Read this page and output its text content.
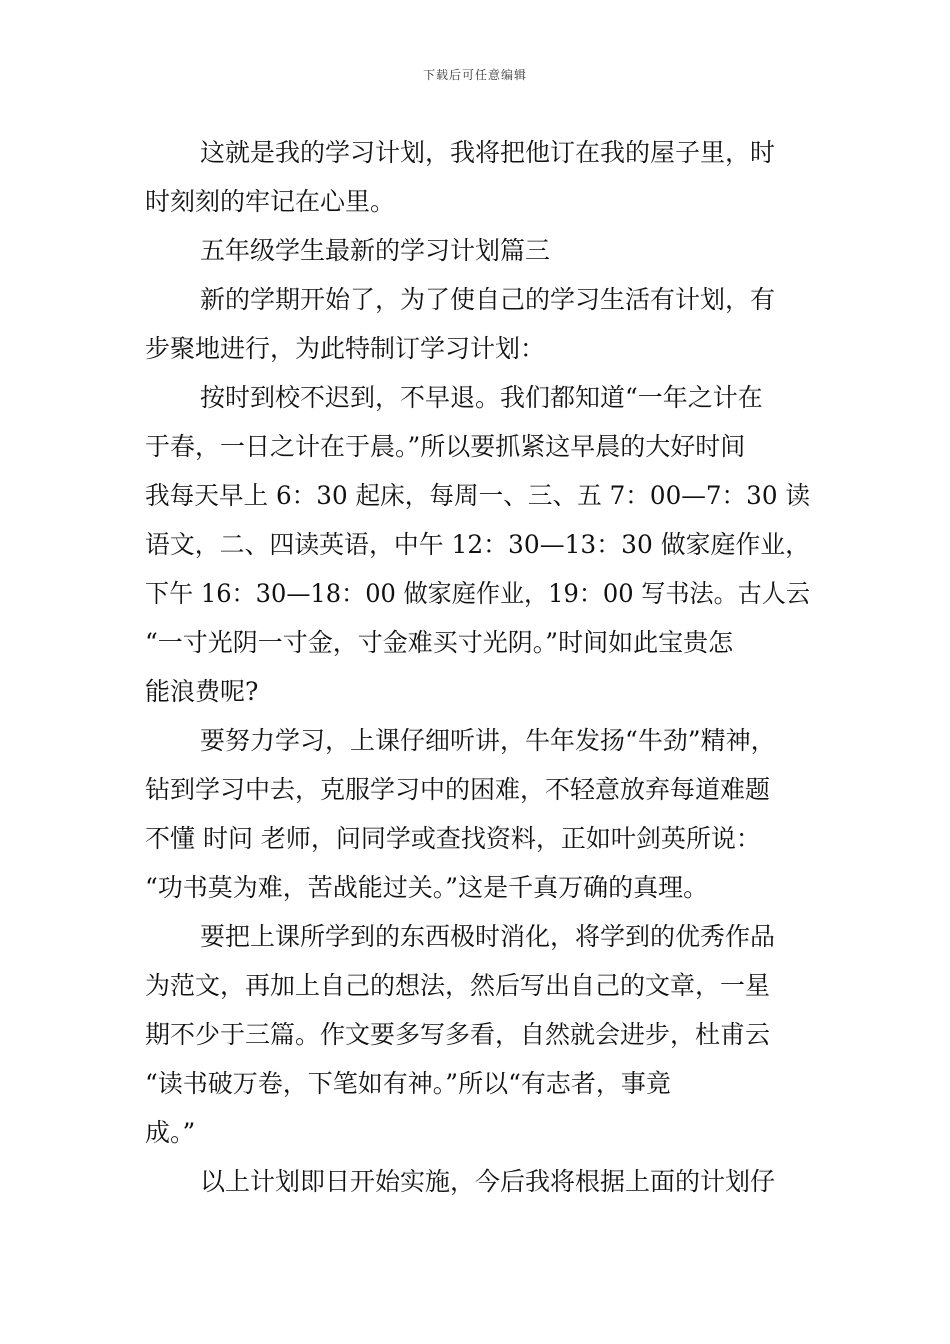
下载后可任意编辑

这就是我的学习计划，我将把他订在我的屋子里，时

时刻刻的牢记在心里。

五年级学生最新的学习计划篇三

新的学期开始了，为了使自己的学习生活有计划，有

步聚地进行，为此特制订学习计划：

按时到校不迟到，不早退。我们都知道“一年之计在

于春，一日之计在于晨。”所以要抓紧这早晨的大好时间

我每天早上 6：30 起床，每周一、三、五 7：00—7：30 读

语文，二、四读英语，中午 12：30—13：30 做家庭作业，

下午 16：30—18：00 做家庭作业，19：00 写书法。古人云

“一寸光阴一寸金，寸金难买寸光阴。”时间如此宝贵怎

能浪费呢?

要努力学习，上课仔细听讲，牛年发扬“牛劲”精神，

钻到学习中去，克服学习中的困难，不轻意放弃每道难题

不懂 时问 老师，问同学或查找资料，正如叶剑英所说：

“功书莫为难，苦战能过关。”这是千真万确的真理。

要把上课所学到的东西极时消化，将学到的优秀作品

为范文，再加上自己的想法，然后写出自己的文章，一星

期不少于三篇。作文要多写多看，自然就会进步，杜甫云

“读书破万卷，下笔如有神。”所以“有志者，事竟

成。”

以上计划即日开始实施，今后我将根据上面的计划仔
